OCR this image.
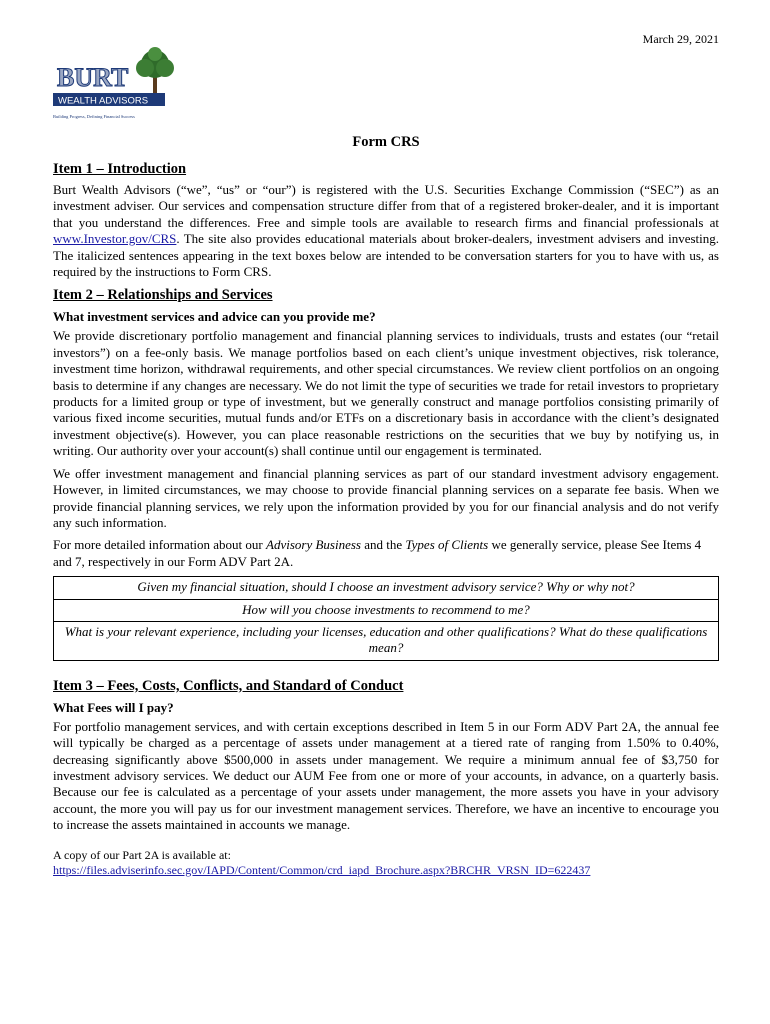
March 29, 2021
BURT
WEALTH ADVISORS
Building Progress, Defining Financial Success
Form CRS
Item 1 – Introduction

Burt Wealth Advisors (“we”, “us” or “our”) is registered with the U.S. Securities Exchange Commission (“SEC”) as an investment adviser. Our services and compensation structure differ from that of a registered broker-dealer, and it is important that you understand the differences. Free and simple tools are available to research firms and financial professionals at www.Investor.gov/CRS. The site also provides educational materials about broker-dealers, investment advisers and investing. The italicized sentences appearing in the text boxes below are intended to be conversation starters for you to have with us, as required by the instructions to Form CRS.

Item 2 – Relationships and Services
What investment services and advice can you provide me?

We provide discretionary portfolio management and financial planning services to individuals, trusts and estates (our “retail investors”) on a fee-only basis. We manage portfolios based on each client’s unique investment objectives, risk tolerance, investment time horizon, withdrawal requirements, and other special circumstances. We review client portfolios on an ongoing basis to determine if any changes are necessary. We do not limit the type of securities we trade for retail investors to proprietary products for a limited group or type of investment, but we generally construct and manage portfolios consisting primarily of various fixed income securities, mutual funds and/or ETFs on a discretionary basis in accordance with the client’s designated investment objective(s). However, you can place reasonable restrictions on the securities that we buy by notifying us, in writing. Our authority over your account(s) shall continue until our engagement is terminated.

We offer investment management and financial planning services as part of our standard investment advisory engagement. However, in limited circumstances, we may choose to provide financial planning services on a separate fee basis. When we provide financial planning services, we rely upon the information provided by you for our financial analysis and do not verify any such information.

For more detailed information about our Advisory Business and the Types of Clients we generally service, please See Items 4 and 7, respectively in our Form ADV Part 2A.

Given my financial situation, should I choose an investment advisory service? Why or why not?
How will you choose investments to recommend to me?
What is your relevant experience, including your licenses, education and other qualifications? What do these qualifications mean?
Item 3 – Fees, Costs, Conflicts, and Standard of Conduct
What Fees will I pay?

For portfolio management services, and with certain exceptions described in Item 5 in our Form ADV Part 2A, the annual fee will typically be charged as a percentage of assets under management at a tiered rate of ranging from 1.50% to 0.40%, decreasing significantly above $500,000 in assets under management. We require a minimum annual fee of $3,750 for investment advisory services. We deduct our AUM Fee from one or more of your accounts, in advance, on a quarterly basis. Because our fee is calculated as a percentage of your assets under management, the more assets you have in your advisory account, the more you will pay us for our investment management services. Therefore, we have an incentive to encourage you to increase the assets maintained in accounts we manage.

A copy of our Part 2A is available at:
https://files.adviserinfo.sec.gov/IAPD/Content/Common/crd_iapd_Brochure.aspx?BRCHR_VRSN_ID=622437
